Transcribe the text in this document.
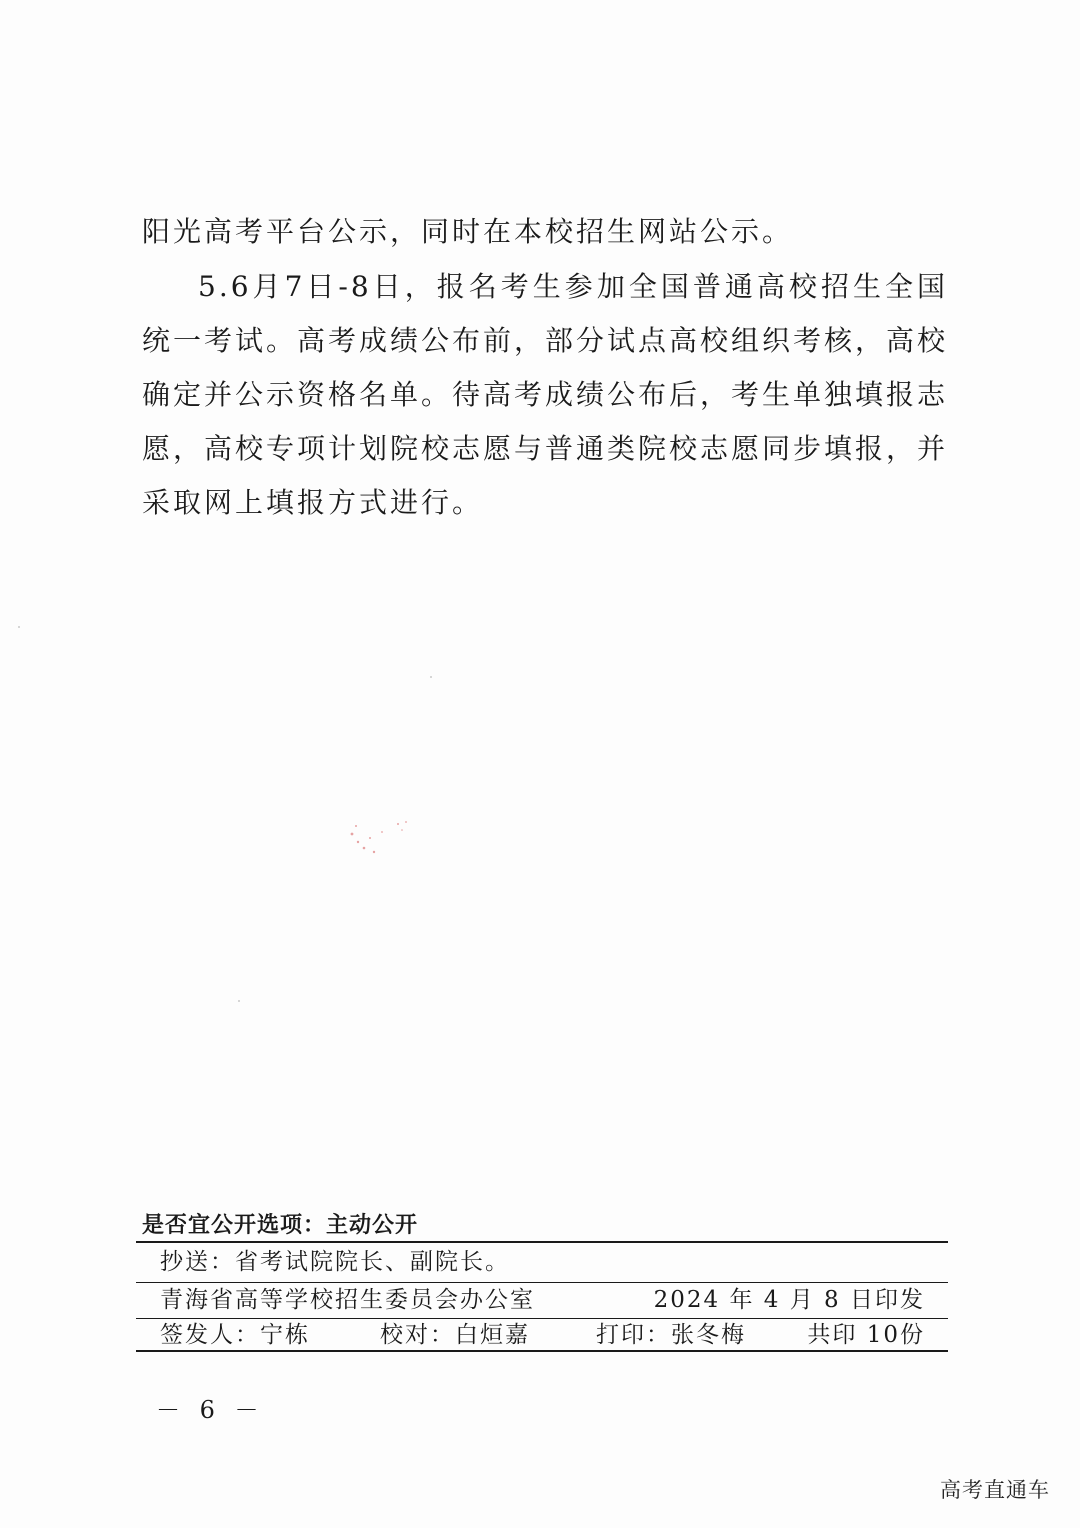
阳光高考平台公示，同时在本校招生网站公示。

5.6月7日-8日，报名考生参加全国普通高校招生全国统一考试。高考成绩公布前，部分试点高校组织考核，高校确定并公示资格名单。待高考成绩公布后，考生单独填报志愿，高校专项计划院校志愿与普通类院校志愿同步填报，并采取网上填报方式进行。

是否宜公开选项：主动公开

抄送：省考试院院长、副院长。
青海省高等学校招生委员会办公室	2024 年 4 月 8 日印发
签发人：宁栋	校对：白烜嘉	打印：张冬梅	共印 10份

－ 6 －

高考直通车
